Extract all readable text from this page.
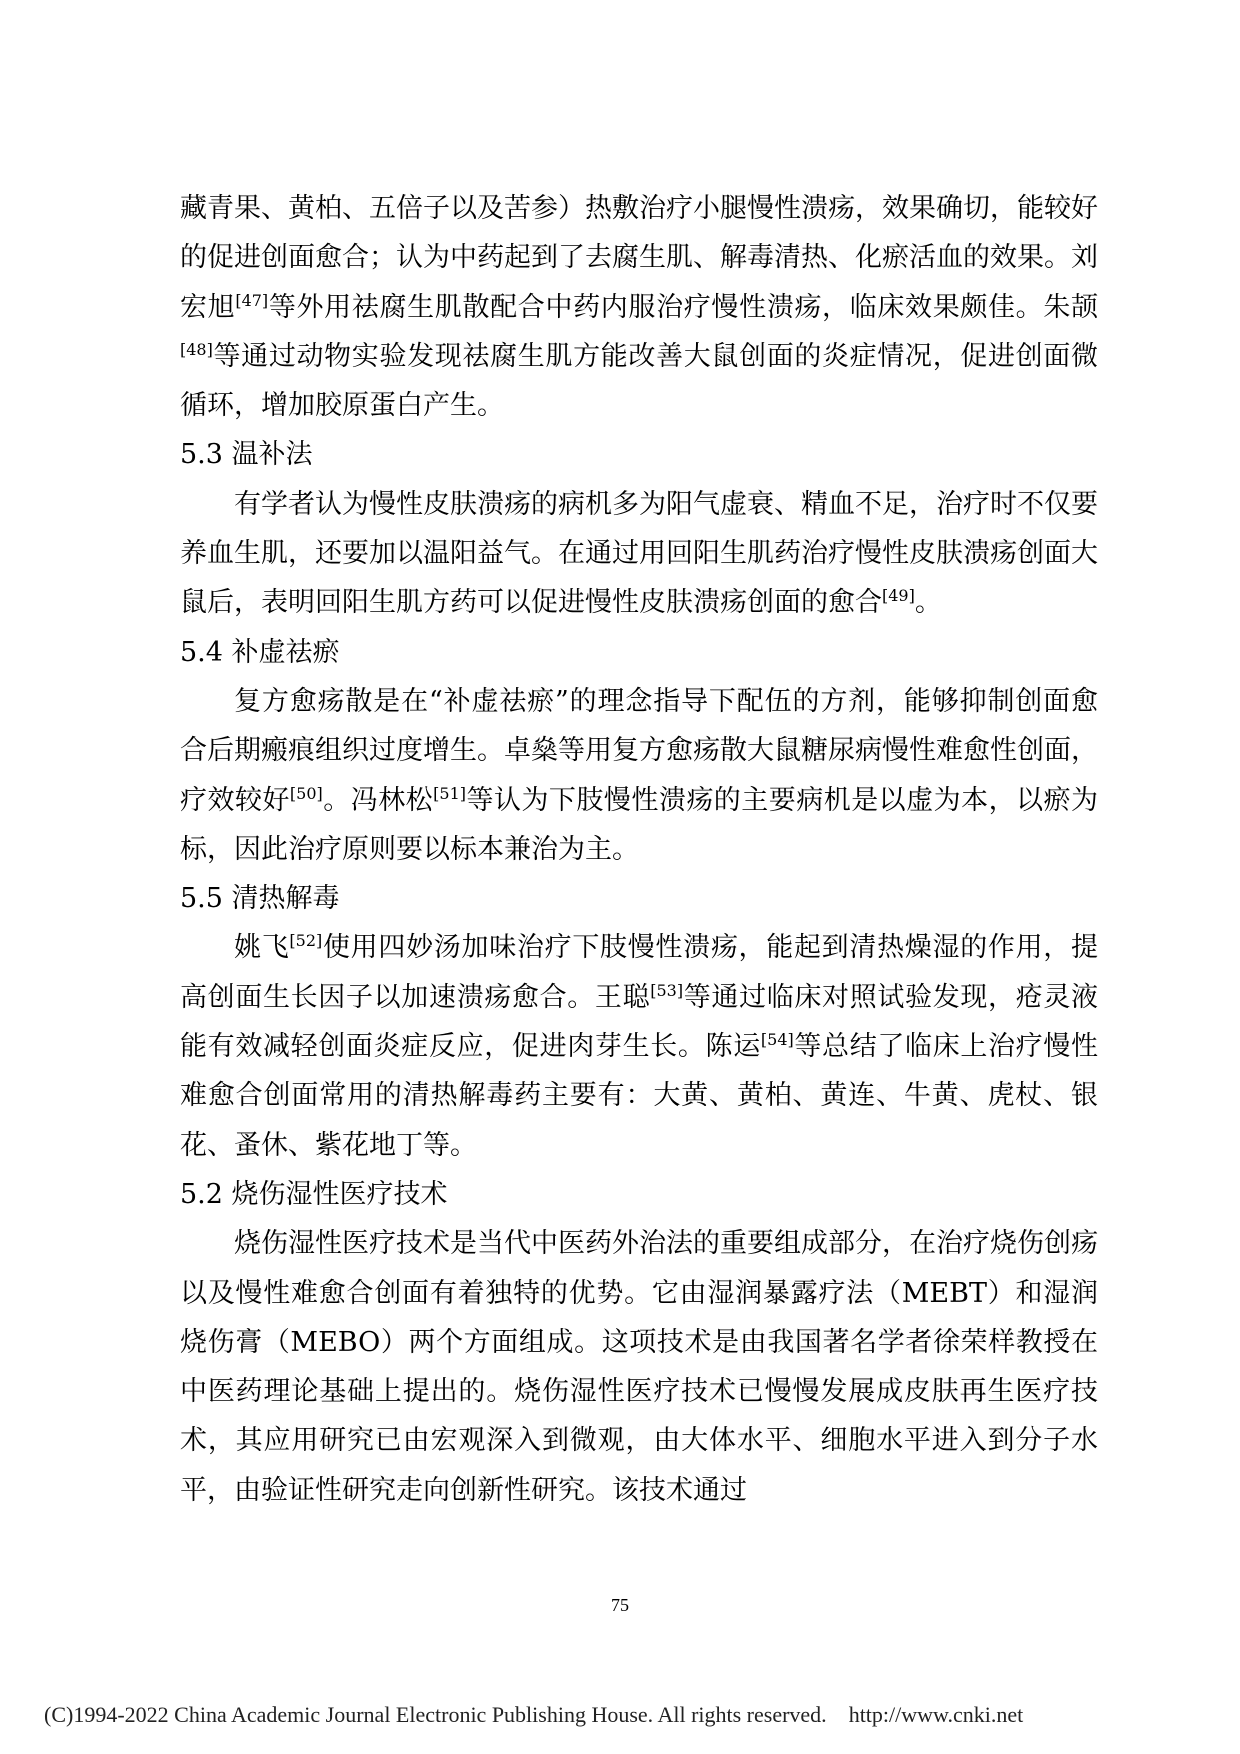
藏青果、黄柏、五倍子以及苦参）热敷治疗小腿慢性溃疡，效果确切，能较好的促进创面愈合；认为中药起到了去腐生肌、解毒清热、化瘀活血的效果。刘宏旭[47]等外用祛腐生肌散配合中药内服治疗慢性溃疡，临床效果颇佳。朱颉[48]等通过动物实验发现祛腐生肌方能改善大鼠创面的炎症情况，促进创面微循环，增加胶原蛋白产生。
5.3 温补法
有学者认为慢性皮肤溃疡的病机多为阳气虚衰、精血不足，治疗时不仅要养血生肌，还要加以温阳益气。在通过用回阳生肌药治疗慢性皮肤溃疡创面大鼠后，表明回阳生肌方药可以促进慢性皮肤溃疡创面的愈合[49]。
5.4 补虚祛瘀
复方愈疡散是在“补虚祛瘀”的理念指导下配伍的方剂，能够抑制创面愈合后期瘢痕组织过度增生。卓燊等用复方愈疡散大鼠糖尿病慢性难愈性创面，疗效较好[50]。冯林松[51]等认为下肢慢性溃疡的主要病机是以虚为本，以瘀为标，因此治疗原则要以标本兼治为主。
5.5 清热解毒
姚飞[52]使用四妙汤加味治疗下肢慢性溃疡，能起到清热燥湿的作用，提高创面生长因子以加速溃疡愈合。王聪[53]等通过临床对照试验发现，疮灵液能有效减轻创面炎症反应，促进肉芽生长。陈运[54]等总结了临床上治疗慢性难愈合创面常用的清热解毒药主要有：大黄、黄柏、黄连、牛黄、虎杖、银花、蚤休、紫花地丁等。
5.2 烧伤湿性医疗技术
烧伤湿性医疗技术是当代中医药外治法的重要组成部分，在治疗烧伤创疡以及慢性难愈合创面有着独特的优势。它由湿润暴露疗法（MEBT）和湿润烧伤膏（MEBO）两个方面组成。这项技术是由我国著名学者徐荣样教授在中医药理论基础上提出的。烧伤湿性医疗技术已慢慢发展成皮肤再生医疗技术，其应用研究已由宏观深入到微观，由大体水平、细胞水平进入到分子水平，由验证性研究走向创新性研究。该技术通过
75
(C)1994-2022 China Academic Journal Electronic Publishing House. All rights reserved. http://www.cnki.net
